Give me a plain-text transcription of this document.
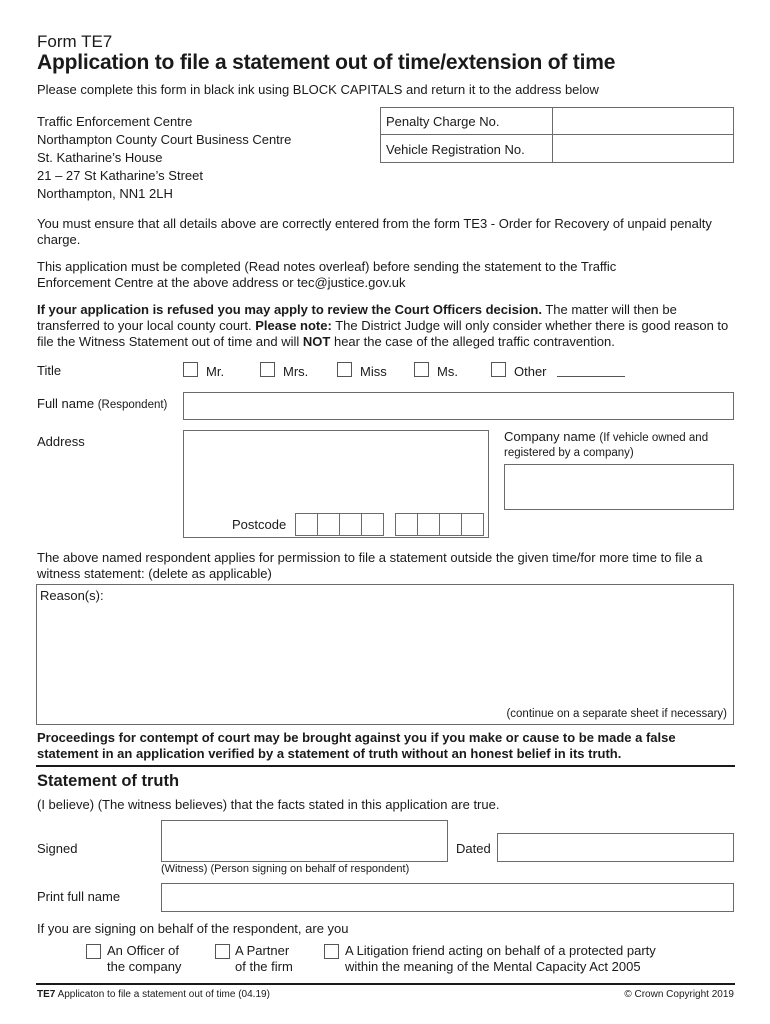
Form TE7
Application to file a statement out of time/extension of time
Please complete this form in black ink using BLOCK CAPITALS and return it to the address below
Traffic Enforcement Centre
Northampton County Court Business Centre
St. Katharine’s House
21 – 27 St Katharine’s Street
Northampton, NN1 2LH
Penalty Charge No.
Vehicle Registration No.
You must ensure that all details above are correctly entered from the form TE3 - Order for Recovery of unpaid penalty charge.
This application must be completed (Read notes overleaf) before sending the statement to the Traffic Enforcement Centre at the above address or tec@justice.gov.uk
If your application is refused you may apply to review the Court Officers decision. The matter will then be transferred to your local county court. Please note: The District Judge will only consider whether there is good reason to file the Witness Statement out of time and will NOT hear the case of the alleged traffic contravention.
Title	Mr.	Mrs.	Miss	Ms.	Other
Full name (Respondent)
Address
Postcode
Company name (If vehicle owned and
registered by a company)
The above named respondent applies for permission to file a statement outside the given time/for more time to file a witness statement: (delete as applicable)
Reason(s):
(continue on a separate sheet if necessary)
Proceedings for contempt of court may be brought against you if you make or cause to be made a false statement in an application verified by a statement of truth without an honest belief in its truth.
Statement of truth
(I believe) (The witness believes) that the facts stated in this application are true.
Signed
(Witness) (Person signing on behalf of respondent)
Dated
Print full name
If you are signing on behalf of the respondent, are you
An Officer of
the company
A Partner
of the firm
A Litigation friend acting on behalf of a protected party
within the meaning of the Mental Capacity Act 2005
TE7 Applicaton to file a statement out of time (04.19)	© Crown Copyright 2019
